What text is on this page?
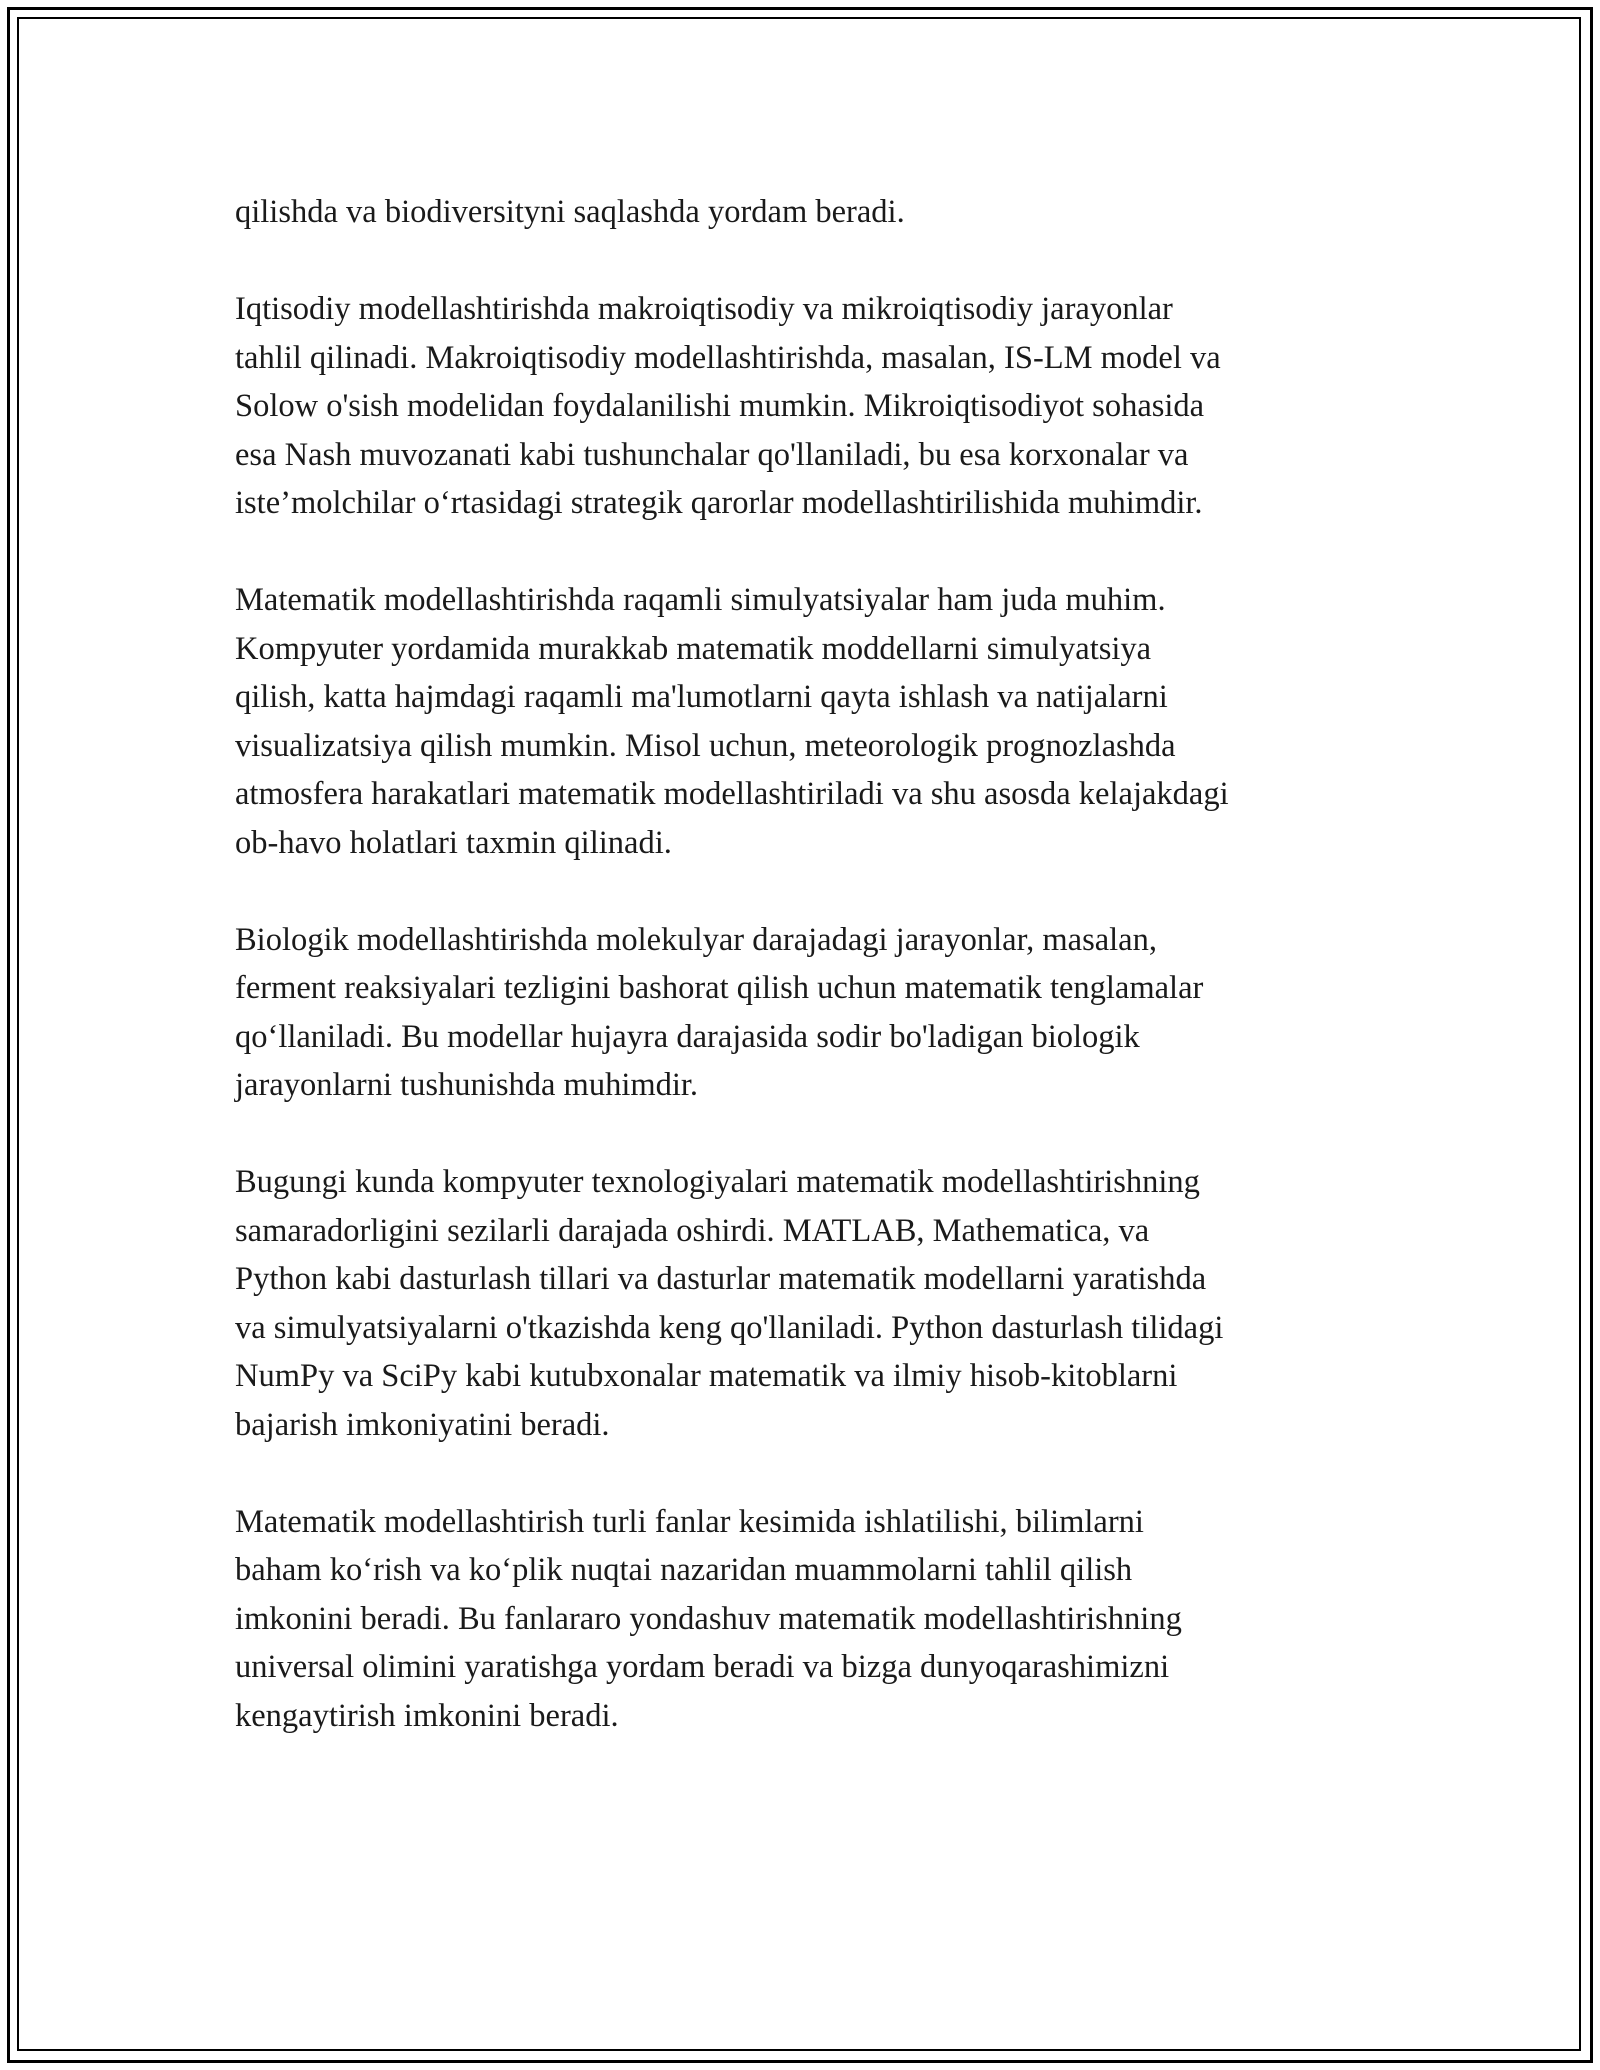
qilishda va biodiversityni saqlashda yordam beradi.

Iqtisodiy modellashtirishda makroiqtisodiy va mikroiqtisodiy jarayonlar
tahlil qilinadi. Makroiqtisodiy modellashtirishda, masalan, IS-LM model va
Solow o'sish modelidan foydalanilishi mumkin. Mikroiqtisodiyot sohasida
esa Nash muvozanati kabi tushunchalar qo'llaniladi, bu esa korxonalar va
iste’molchilar o‘rtasidagi strategik qarorlar modellashtirilishida muhimdir.

Matematik modellashtirishda raqamli simulyatsiyalar ham juda muhim.
Kompyuter yordamida murakkab matematik moddellarni simulyatsiya
qilish, katta hajmdagi raqamli ma'lumotlarni qayta ishlash va natijalarni
visualizatsiya qilish mumkin. Misol uchun, meteorologik prognozlashda
atmosfera harakatlari matematik modellashtiriladi va shu asosda kelajakdagi
ob-havo holatlari taxmin qilinadi.

Biologik modellashtirishda molekulyar darajadagi jarayonlar, masalan,
ferment reaksiyalari tezligini bashorat qilish uchun matematik tenglamalar
qo‘llaniladi. Bu modellar hujayra darajasida sodir bo'ladigan biologik
jarayonlarni tushunishda muhimdir.

Bugungi kunda kompyuter texnologiyalari matematik modellashtirishning
samaradorligini sezilarli darajada oshirdi. MATLAB, Mathematica, va
Python kabi dasturlash tillari va dasturlar matematik modellarni yaratishda
va simulyatsiyalarni o'tkazishda keng qo'llaniladi. Python dasturlash tilidagi
NumPy va SciPy kabi kutubxonalar matematik va ilmiy hisob-kitoblarni
bajarish imkoniyatini beradi.

Matematik modellashtirish turli fanlar kesimida ishlatilishi, bilimlarni
baham ko‘rish va ko‘plik nuqtai nazaridan muammolarni tahlil qilish
imkonini beradi. Bu fanlararo yondashuv matematik modellashtirishning
universal olimini yaratishga yordam beradi va bizga dunyoqarashimizni
kengaytirish imkonini beradi.
